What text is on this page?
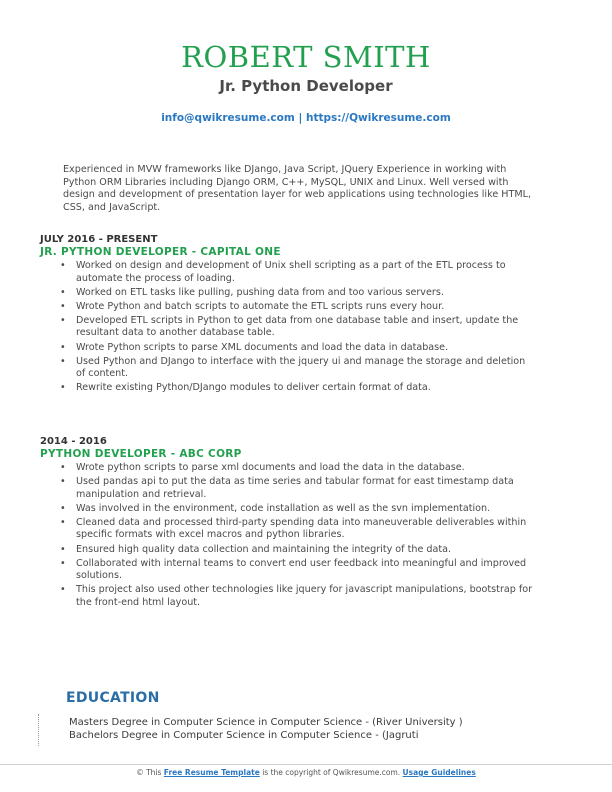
ROBERT SMITH
Jr. Python Developer
info@qwikresume.com | https://Qwikresume.com
Experienced in MVW frameworks like DJango, Java Script, JQuery Experience in working with Python ORM Libraries including Django ORM, C++, MySQL, UNIX and Linux. Well versed with design and development of presentation layer for web applications using technologies like HTML, CSS, and JavaScript.
JULY 2016 - PRESENT
JR. PYTHON DEVELOPER - CAPITAL ONE
• Worked on design and development of Unix shell scripting as a part of the ETL process to automate the process of loading.
• Worked on ETL tasks like pulling, pushing data from and too various servers.
• Wrote Python and batch scripts to automate the ETL scripts runs every hour.
• Developed ETL scripts in Python to get data from one database table and insert, update the resultant data to another database table.
• Wrote Python scripts to parse XML documents and load the data in database.
• Used Python and DJango to interface with the jquery ui and manage the storage and deletion of content.
• Rewrite existing Python/DJango modules to deliver certain format of data.
2014 - 2016
PYTHON DEVELOPER - ABC CORP
• Wrote python scripts to parse xml documents and load the data in the database.
• Used pandas api to put the data as time series and tabular format for east timestamp data manipulation and retrieval.
• Was involved in the environment, code installation as well as the svn implementation.
• Cleaned data and processed third-party spending data into maneuverable deliverables within specific formats with excel macros and python libraries.
• Ensured high quality data collection and maintaining the integrity of the data.
• Collaborated with internal teams to convert end user feedback into meaningful and improved solutions.
• This project also used other technologies like jquery for javascript manipulations, bootstrap for the front-end html layout.
EDUCATION
Masters Degree in Computer Science in Computer Science - (River University )
Bachelors Degree in Computer Science in Computer Science - (Jagruti
© This Free Resume Template is the copyright of Qwikresume.com. Usage Guidelines
